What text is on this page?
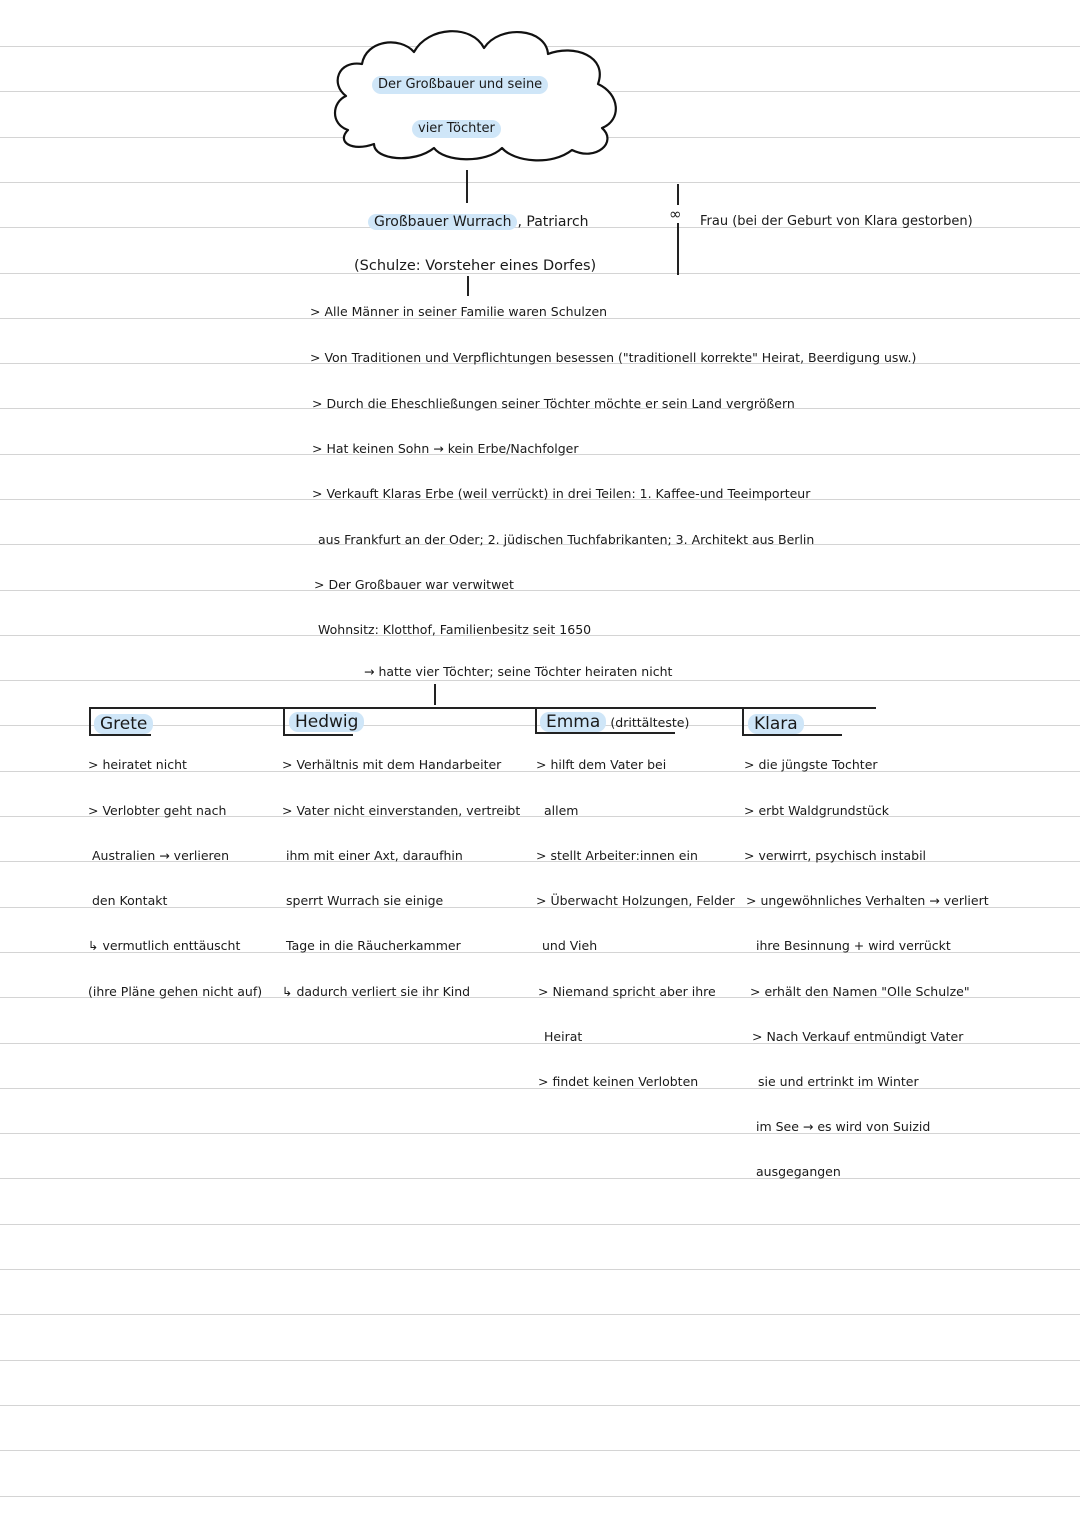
Der Großbauer und seine
vier Töchter
Großbauer Wurrach , Patriarch
(Schulze: Vorsteher eines Dorfes)
∞ Frau (bei der Geburt von Klara gestorben)
> Alle Männer in seiner Familie waren Schulzen
> Von Traditionen und Verpflichtungen besessen ("traditionell korrekte" Heirat, Beerdigung usw.)
> Durch die Eheschließungen seiner Töchter möchte er sein Land vergrößern
> Hat keinen Sohn → kein Erbe/Nachfolger
> Verkauft Klaras Erbe (weil verrückt) in drei Teilen: 1. Kaffee-und Teeimporteur
aus Frankfurt an der Oder; 2. jüdischen Tuchfabrikanten; 3. Architekt aus Berlin
> Der Großbauer war verwitwet
Wohnsitz: Klotthof, Familienbesitz seit 1650
→ hatte vier Töchter; seine Töchter heiraten nicht
Grete
> heiratet nicht
> Verlobter geht nach
Australien → verlieren
den Kontakt
↳ vermutlich enttäuscht
(ihre Pläne gehen nicht auf)
Hedwig
> Verhältnis mit dem Handarbeiter
> Vater nicht einverstanden, vertreibt
ihm mit einer Axt, daraufhin
sperrt Wurrach sie einige
Tage in die Räucherkammer
↳ dadurch verliert sie ihr Kind
Emma (drittälteste)
> hilft dem Vater bei
allem
> stellt Arbeiter:innen ein
> Überwacht Holzungen, Felder
und Vieh
> Niemand spricht aber ihre
Heirat
> findet keinen Verlobten
Klara
> die jüngste Tochter
> erbt Waldgrundstück
> verwirrt, psychisch instabil
> ungewöhnliches Verhalten → verliert
ihre Besinnung + wird verrückt
> erhält den Namen "Olle Schulze"
> Nach Verkauf entmündigt Vater
sie und ertrinkt im Winter
im See → es wird von Suizid
ausgegangen
